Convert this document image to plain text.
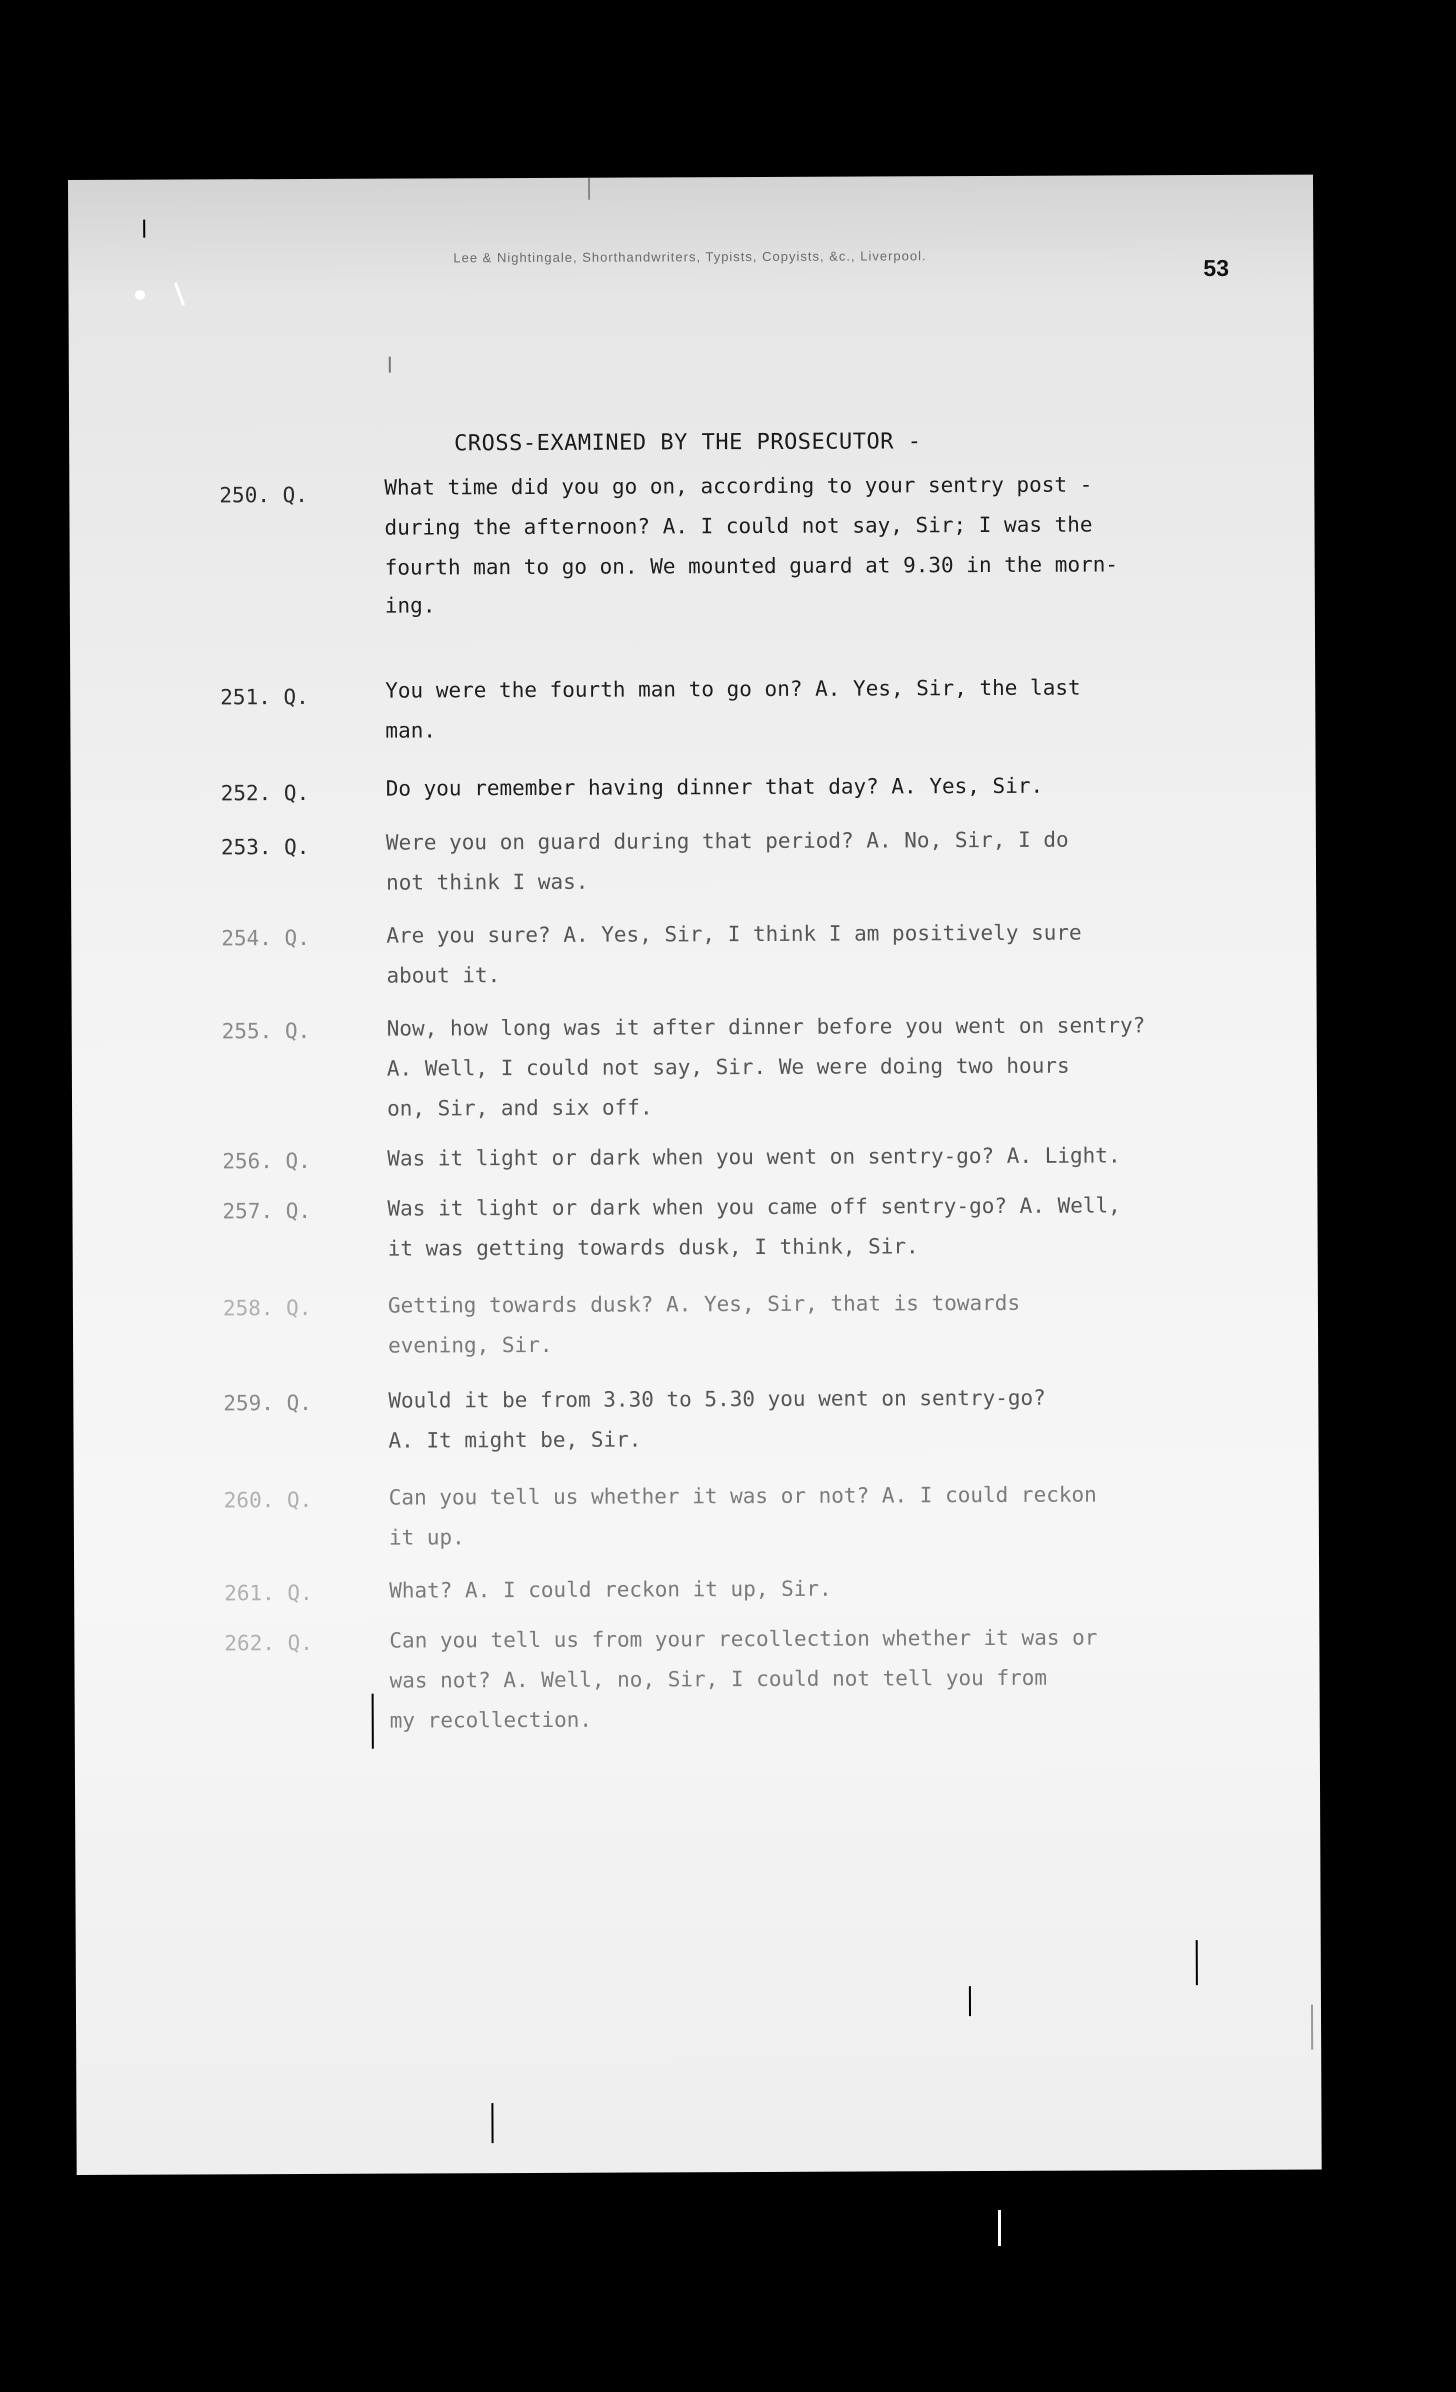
Lee & Nightingale, Shorthandwriters, Typists, Copyists, &c., Liverpool.	53
CROSS-EXAMINED BY THE PROSECUTOR -
250. Q.	What time did you go on, according to your sentry post -
during the afternoon? A. I could not say, Sir; I was the
fourth man to go on. We mounted guard at 9.30 in the morn-
ing.
251. Q.	You were the fourth man to go on? A. Yes, Sir, the last
man.
252. Q.	Do you remember having dinner that day? A. Yes, Sir.
253. Q.	Were you on guard during that period? A. No, Sir, I do
not think I was.
254. Q.	Are you sure? A. Yes, Sir, I think I am positively sure
about it.
255. Q.	Now, how long was it after dinner before you went on sentry?
A. Well, I could not say, Sir. We were doing two hours
on, Sir, and six off.
256. Q.	Was it light or dark when you went on sentry-go? A. Light.
257. Q.	Was it light or dark when you came off sentry-go? A. Well,
it was getting towards dusk, I think, Sir.
258. Q.	Getting towards dusk? A. Yes, Sir, that is towards
evening, Sir.
259. Q.	Would it be from 3.30 to 5.30 you went on sentry-go?
A. It might be, Sir.
260. Q.	Can you tell us whether it was or not? A. I could reckon
it up.
261. Q.	What? A. I could reckon it up, Sir.
262. Q.	Can you tell us from your recollection whether it was or
was not? A. Well, no, Sir, I could not tell you from
my recollection.
